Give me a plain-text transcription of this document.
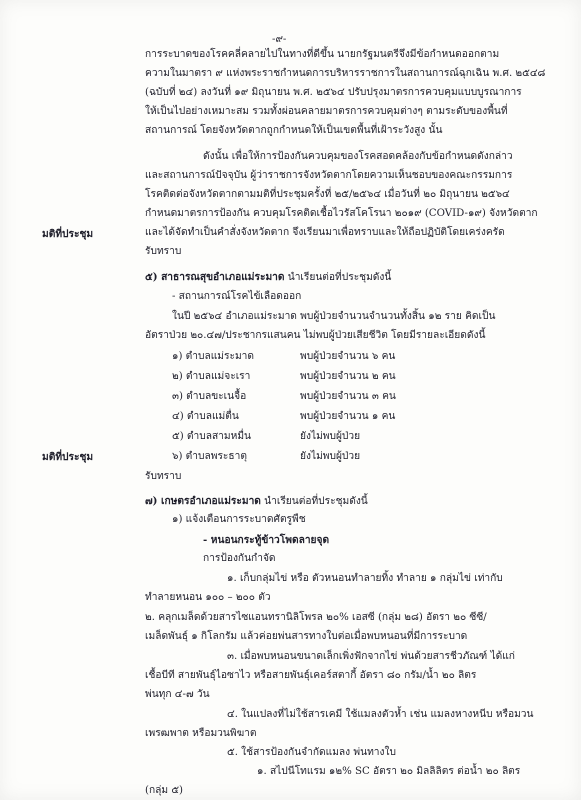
-๙-
การระบาดของโรคคลี่คลายไปในทางที่ดีขึ้น นายกรัฐมนตรีจึงมีข้อกำหนดออกตาม
ความในมาตรา ๙ แห่งพระราชกำหนดการบริหารราชการในสถานการณ์ฉุกเฉิน พ.ศ. ๒๕๔๘
(ฉบับที่ ๒๔) ลงวันที่ ๑๙ มิถุนายน พ.ศ. ๒๕๖๔ ปรับปรุงมาตรการควบคุมแบบบูรณาการ
ให้เป็นไปอย่างเหมาะสม รวมทั้งผ่อนคลายมาตรการควบคุมต่างๆ ตามระดับของพื้นที่
สถานการณ์ โดยจังหวัดตากถูกกำหนดให้เป็นเขตพื้นที่เฝ้าระวังสูง นั้น
ดังนั้น เพื่อให้การป้องกันควบคุมของโรคสอดคล้องกับข้อกำหนดดังกล่าว
และสถานการณ์ปัจจุบัน ผู้ว่าราชการจังหวัดตากโดยความเห็นชอบของคณะกรรมการ
โรคติดต่อจังหวัดตากตามมติที่ประชุมครั้งที่ ๒๕/๒๕๖๔ เมื่อวันที่ ๒๐ มิถุนายน ๒๕๖๔
กำหนดมาตรการป้องกัน ควบคุมโรคติดเชื้อไวรัสโคโรนา ๒๐๑๙ (COVID-๑๙) จังหวัดตาก
และได้จัดทำเป็นคำสั่งจังหวัดตาก จึงเรียนมาเพื่อทราบและให้ถือปฏิบัติโดยเคร่งครัด
มติที่ประชุม
รับทราบ
๕) สาธารณสุขอำเภอแม่ระมาด นำเรียนต่อที่ประชุมดังนี้
- สถานการณ์โรคไข้เลือดออก
ในปี ๒๕๖๔ อำเภอแม่ระมาด พบผู้ป่วยจำนวนจำนวนทั้งสิ้น ๑๒ ราย คิดเป็น
อัตราป่วย ๒๐.๔๗/ประชากรแสนคน ไม่พบผู้ป่วยเสียชีวิต โดยมีรายละเอียดดังนี้
๑) ตำบลแม่ระมาด	พบผู้ป่วยจำนวน ๖ คน
๒) ตำบลแม่จะเรา	พบผู้ป่วยจำนวน ๒ คน
๓) ตำบลขะเนจื้อ	พบผู้ป่วยจำนวน ๓ คน
๔) ตำบลแม่ตื่น	พบผู้ป่วยจำนวน ๑ คน
๕) ตำบลสามหมื่น	ยังไม่พบผู้ป่วย
๖) ตำบลพระธาตุ	ยังไม่พบผู้ป่วย
มติที่ประชุม
รับทราบ
๗) เกษตรอำเภอแม่ระมาด นำเรียนต่อที่ประชุมดังนี้
๑) แจ้งเตือนการระบาดศัตรูพืช
- หนอนกระทู้ข้าวโพดลายจุด
การป้องกันกำจัด
๑. เก็บกลุ่มไข่ หรือ ตัวหนอนทำลายทิ้ง ทำลาย ๑ กลุ่มไข่ เท่ากับ
ทำลายหนอน ๑๐๐ – ๒๐๐ ตัว
๒. คลุกเมล็ดด้วยสารไซแอนทรานิลิโพรล ๒๐% เอสซี (กลุ่ม ๒๘) อัตรา ๒๐ ซีซี/
เมล็ดพันธุ์ ๑ กิโลกรัม แล้วค่อยพ่นสารทางใบต่อเมื่อพบหนอนที่มีการระบาด
๓. เมื่อพบหนอนขนาดเล็กเพิ่งฟักจากไข่ พ่นด้วยสารชีวภัณฑ์ ได้แก่
เชื้อบีที สายพันธุ์ไอซาไว หรือสายพันธุ์เคอร์สตากี้ อัตรา ๘๐ กรัม/น้ำ ๒๐ ลิตร
พ่นทุก ๔-๗ วัน
๔. ในแปลงที่ไม่ใช้สารเคมี ใช้แมลงตัวห้ำ เช่น แมลงหางหนีบ หรือมวน
เพรฒพาต หรือมวนพิฆาต
๕. ใช้สารป้องกันจำกัดแมลง พ่นทางใบ
๑. สไปนีโทแรม ๑๒% SC อัตรา ๒๐ มิลลิลิตร ต่อน้ำ ๒๐ ลิตร
(กลุ่ม ๕)
